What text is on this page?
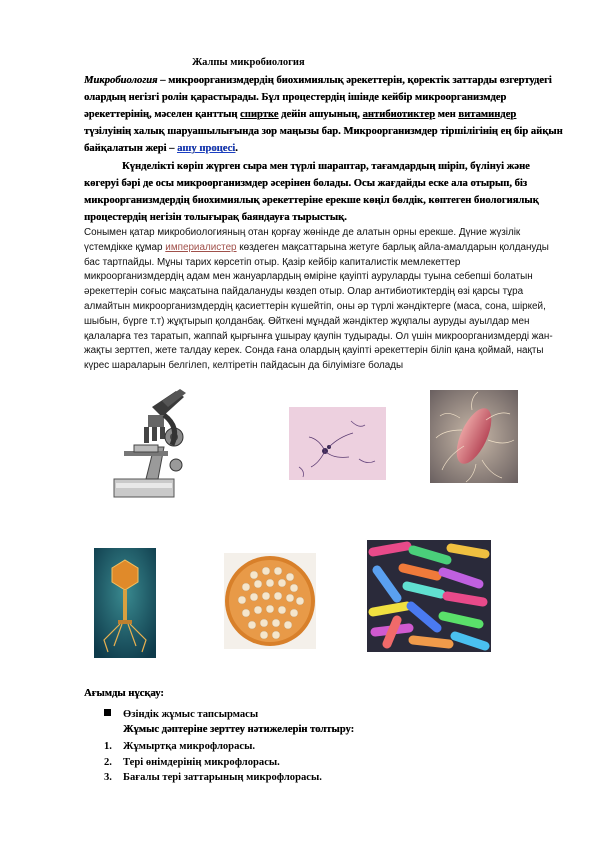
Жалпы микробиология
Микробиология – микроорганизмдердің биохимиялық әрекеттерін, қоректік заттарды өзгертудегі олардың негізгі ролін қарастырады. Бұл процестердің ішінде кейбір микроорганизмдер әрекеттерінің, мәселен қанттың спиртке дейін ашуының, антибиотиктер мен витаминдер түзілуінің халық шаруашылығында зор маңызы бар. Микроорганизмдер тіршілігінің ең бір айқын байқалатын жері – ашу процесі.
Күнделікті көріп жүрген сыра мен түрлі шараптар, тағамдардың шіріп, бүлінуі және көгеруі бәрі де осы микроорганизмдер әсерінен болады. Осы жағдайды еске ала отырып, біз микроорганизмдердің биохимиялық әрекеттеріне ерекше көңіл бөлдік, көптеген биологиялық процестердің негізін толығырақ баяндауға тырыстық.
Сонымен қатар микробиологияның отан қорғау жөнінде де алатын орны ерекше. Дүние жүзілік үстемдікке құмар империалистер көздеген мақсаттарына жетуге барлық айла-амалдарын қолдануды бас тартпайды. Мұны тарих көрсетіп отыр. Қазір кейбір капиталистік мемлекеттер микроорганизмдердің адам мен жануарлардың өміріне қауіпті ауруларды туына себепші болатын әрекеттерін соғыс мақсатына пайдалануды көздеп отыр. Олар антибиотиктердің өзі қарсы тұра алмайтын микроорганизмдердің қасиеттерін күшейтіп, оны әр түрлі жәндіктерге (маса, сона, шіркей, шыбын, бүрге т.т) жұқтырып қолданбақ. Өйткені мұндай жәндіктер жұқпалы ауруды ауылдар мен қалаларға тез таратып, жаппай қырғынға ұшырау қаупін тудырады. Ол үшін микроорганизмдерді жан-жақты зерттеп, жете талдау керек. Сонда ғана олардың қауіпті әрекеттерін біліп қана қоймай, нақты күрес шараларын белгілеп, келтіретін пайдасын да білуімізге болады
Ағымды нұсқау:
Өзіндік жұмыс тапсырмасы
Жұмыс дәптеріне зерттеу нәтижелерін толтыру:
1. Жұмыртқа микрофлорасы.
2. Тері өнімдерінің микрофлорасы.
3. Бағалы тері заттарының микрофлорасы.
